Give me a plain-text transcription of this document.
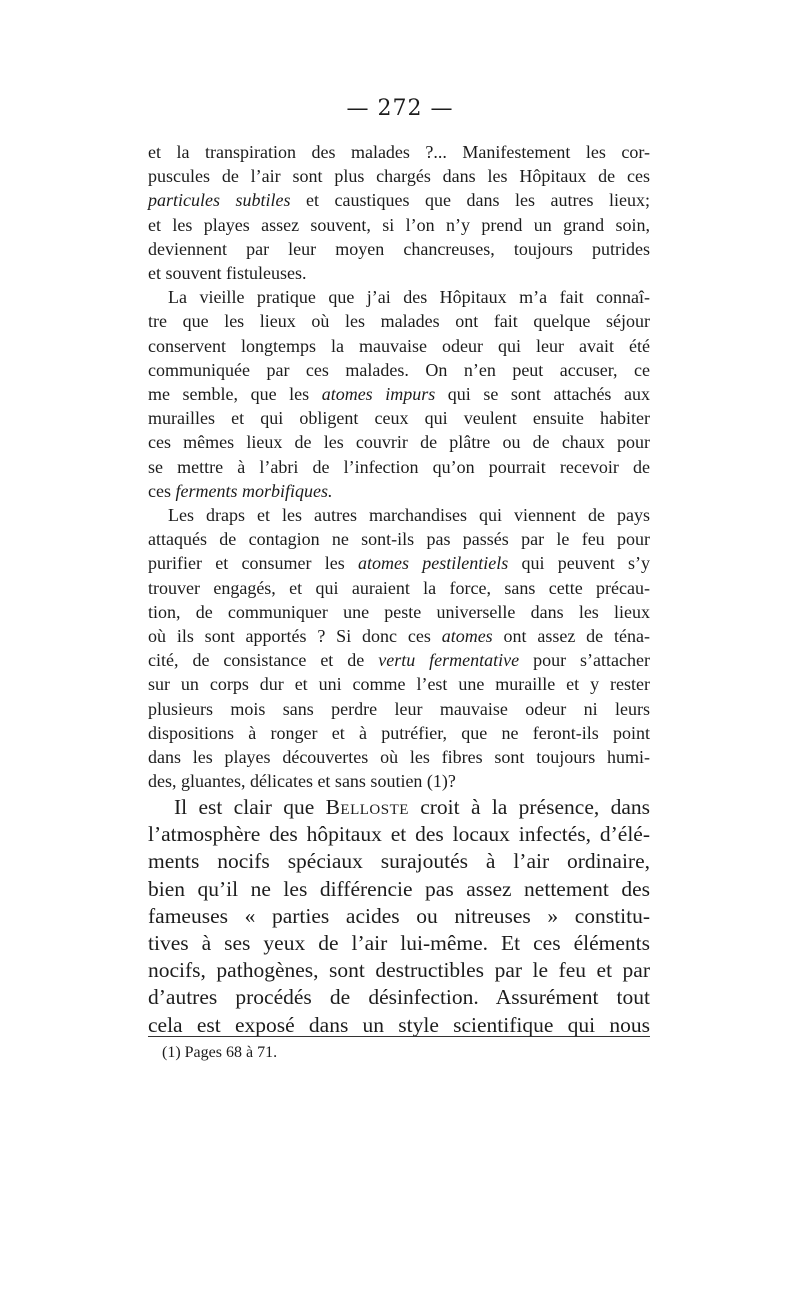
— 272 —
et la transpiration des malades ?... Manifestement les cor-
puscules de l’air sont plus chargés dans les Hôpitaux de ces
particules subtiles et caustiques que dans les autres lieux;
et les playes assez souvent, si l’on n’y prend un grand soin,
deviennent par leur moyen chancreuses, toujours putrides
et souvent fistuleuses.
La vieille pratique que j’ai des Hôpitaux m’a fait connaî-
tre que les lieux où les malades ont fait quelque séjour
conservent longtemps la mauvaise odeur qui leur avait été
communiquée par ces malades. On n’en peut accuser, ce
me semble, que les atomes impurs qui se sont attachés aux
murailles et qui obligent ceux qui veulent ensuite habiter
ces mêmes lieux de les couvrir de plâtre ou de chaux pour
se mettre à l’abri de l’infection qu’on pourrait recevoir de
ces ferments morbifiques.
Les draps et les autres marchandises qui viennent de pays
attaqués de contagion ne sont-ils pas passés par le feu pour
purifier et consumer les atomes pestilentiels qui peuvent s’y
trouver engagés, et qui auraient la force, sans cette précau-
tion, de communiquer une peste universelle dans les lieux
où ils sont apportés ? Si donc ces atomes ont assez de téna-
cité, de consistance et de vertu fermentative pour s’attacher
sur un corps dur et uni comme l’est une muraille et y rester
plusieurs mois sans perdre leur mauvaise odeur ni leurs
dispositions à ronger et à putréfier, que ne feront-ils point
dans les playes découvertes où les fibres sont toujours humi-
des, gluantes, délicates et sans soutien (1)?
Il est clair que Belloste croit à la présence, dans
l’atmosphère des hôpitaux et des locaux infectés, d’élé-
ments nocifs spéciaux surajoutés à l’air ordinaire,
bien qu’il ne les différencie pas assez nettement des
fameuses « parties acides ou nitreuses » constitu-
tives à ses yeux de l’air lui-même. Et ces éléments
nocifs, pathogènes, sont destructibles par le feu et par
d’autres procédés de désinfection. Assurément tout
cela est exposé dans un style scientifique qui nous
(1) Pages 68 à 71.
